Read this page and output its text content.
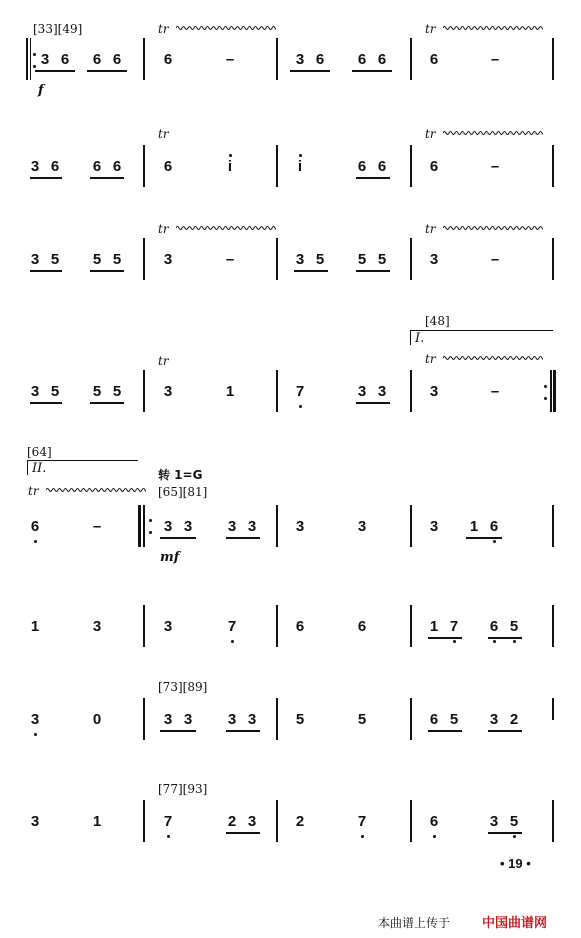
[33][49]
f
3 6	6 6
tr
6	–	3 6	6 6
tr
6	–
3 6	6 6
tr
6	i	i	6 6
tr
6	–
3 5	5 5
tr
3	–	3 5	5 5
tr
3	–
[48]
I.
3 5	5 5
tr
3	1	7	3 3
tr
3	–
[64]
II.
tr
6	–
转 1=G
[65][81]
mf
3 3	3 3	3	3	3	1 6
1	3	3	7	6	6	1 7	6 5
[73][89]
3	0	3 3	3 3	5	5	6 5	3 2
[77][93]
3	1	7	2 3	2	7	6	3 5
• 19 •
本曲谱上传于 中国曲谱网
